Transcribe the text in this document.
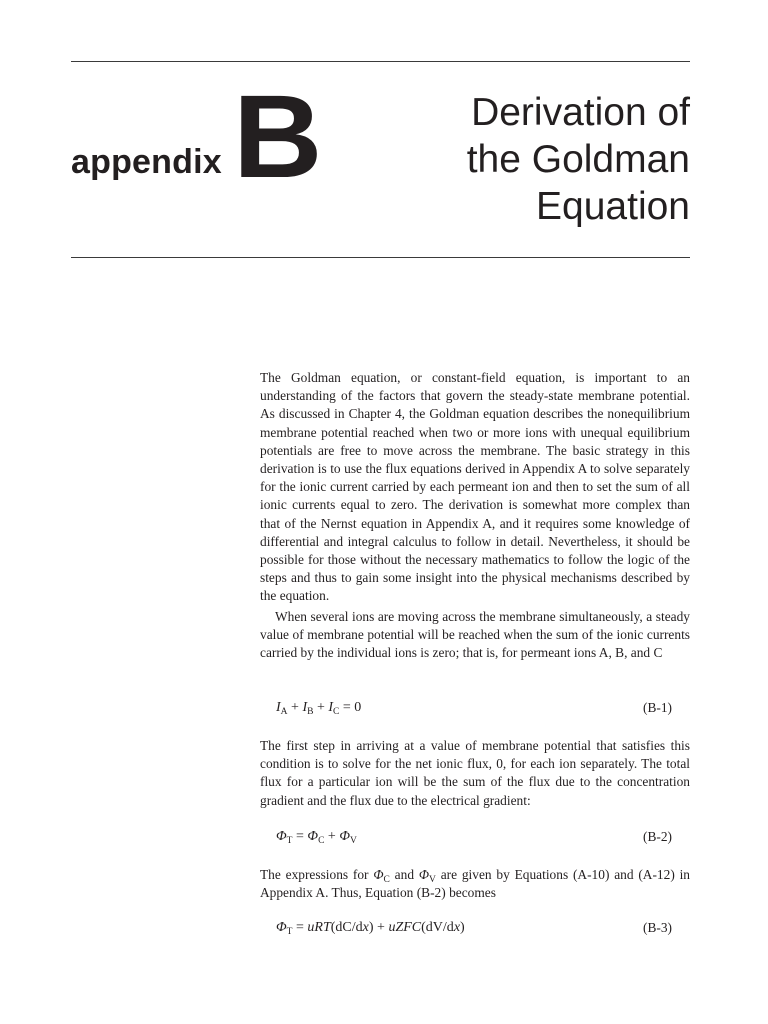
appendix B	Derivation of
the Goldman
Equation

The Goldman equation, or constant-field equation, is important to an understanding of the factors that govern the steady-state membrane potential. As discussed in Chapter 4, the Goldman equation describes the nonequilibrium membrane potential reached when two or more ions with unequal equilibrium potentials are free to move across the membrane. The basic strategy in this derivation is to use the flux equations derived in Appendix A to solve separately for the ionic current carried by each permeant ion and then to set the sum of all ionic currents equal to zero. The derivation is somewhat more complex than that of the Nernst equation in Appendix A, and it requires some knowledge of differential and integral calculus to follow in detail. Nevertheless, it should be possible for those without the necessary mathematics to follow the logic of the steps and thus to gain some insight into the physical mechanisms described by the equation.

When several ions are moving across the membrane simultaneously, a steady value of membrane potential will be reached when the sum of the ionic currents carried by the individual ions is zero; that is, for permeant ions A, B, and C

$I_A + I_B + I_C = 0$	(B-1)

The first step in arriving at a value of membrane potential that satisfies this condition is to solve for the net ionic flux, 0, for each ion separately. The total flux for a particular ion will be the sum of the flux due to the concentration gradient and the flux due to the electrical gradient:

$\Phi_T = \Phi_C + \Phi_V$	(B-2)

The expressions for $\Phi_C$ and $\Phi_V$ are given by Equations (A-10) and (A-12) in Appendix A. Thus, Equation (B-2) becomes

$\Phi_T = uRT(dC/dx)$ + uZFC(dV/dx)	(B-3)
